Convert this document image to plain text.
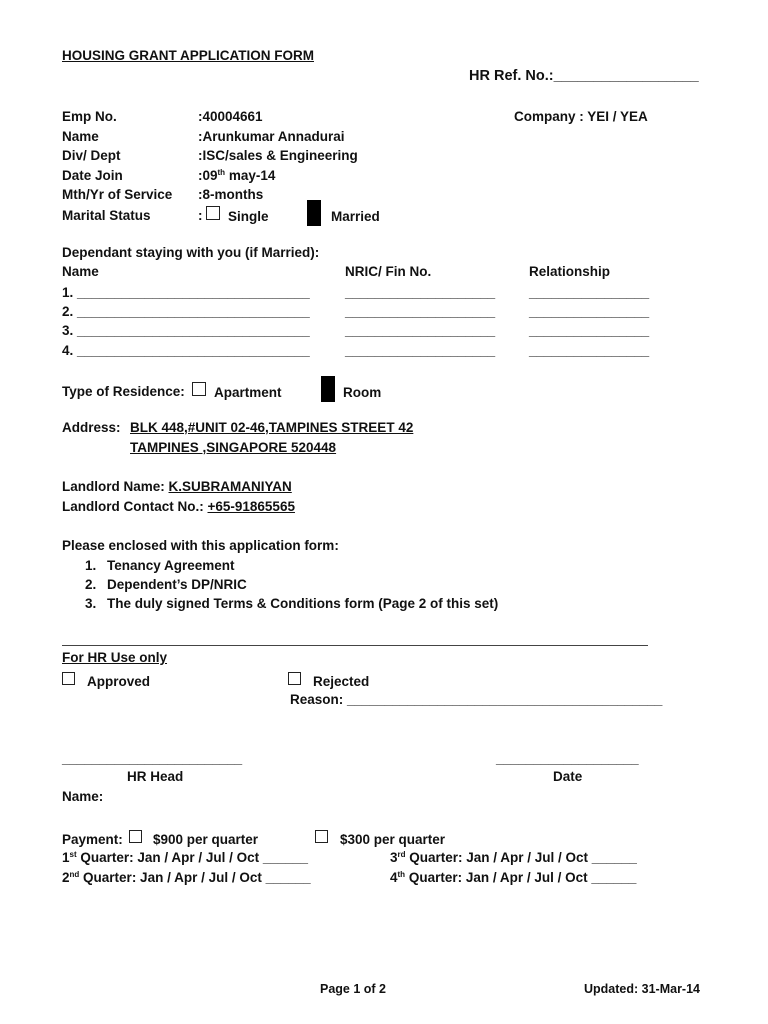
HOUSING GRANT APPLICATION FORM
HR Ref. No.:__________________
Emp No.	:40004661	Company : YEI / YEA
Name	:Arunkumar Annadurai
Div/ Dept	:ISC/sales & Engineering
Date Join	:09th may-14
Mth/Yr of Service :8-months
Marital Status	: Single	Married
Dependant staying with you (if Married):
Name	NRIC/ Fin No.	Relationship
1. _______________________________	____________________	________________
2. _______________________________	____________________	________________
3. _______________________________	____________________	________________
4. _______________________________	____________________	________________
Type of Residence: Apartment	Room
Address: BLK 448,#UNIT 02-46,TAMPINES STREET 42
TAMPINES ,SINGAPORE 520448
Landlord Name: K.SUBRAMANIYAN
Landlord Contact No.: +65-91865565
Please enclosed with this application form:
1. Tenancy Agreement
2. Dependent’s DP/NRIC
3. The duly signed Terms & Conditions form (Page 2 of this set)
For HR Use only
Approved	Rejected
Reason: __________________________________________
________________________	___________________
HR Head	Date
Name:
Payment: $900 per quarter	$300 per quarter
1st Quarter: Jan / Apr / Jul / Oct ______	3rd Quarter: Jan / Apr / Jul / Oct ______
2nd Quarter: Jan / Apr / Jul / Oct ______	4th Quarter: Jan / Apr / Jul / Oct ______
Page 1 of 2	Updated: 31-Mar-14
